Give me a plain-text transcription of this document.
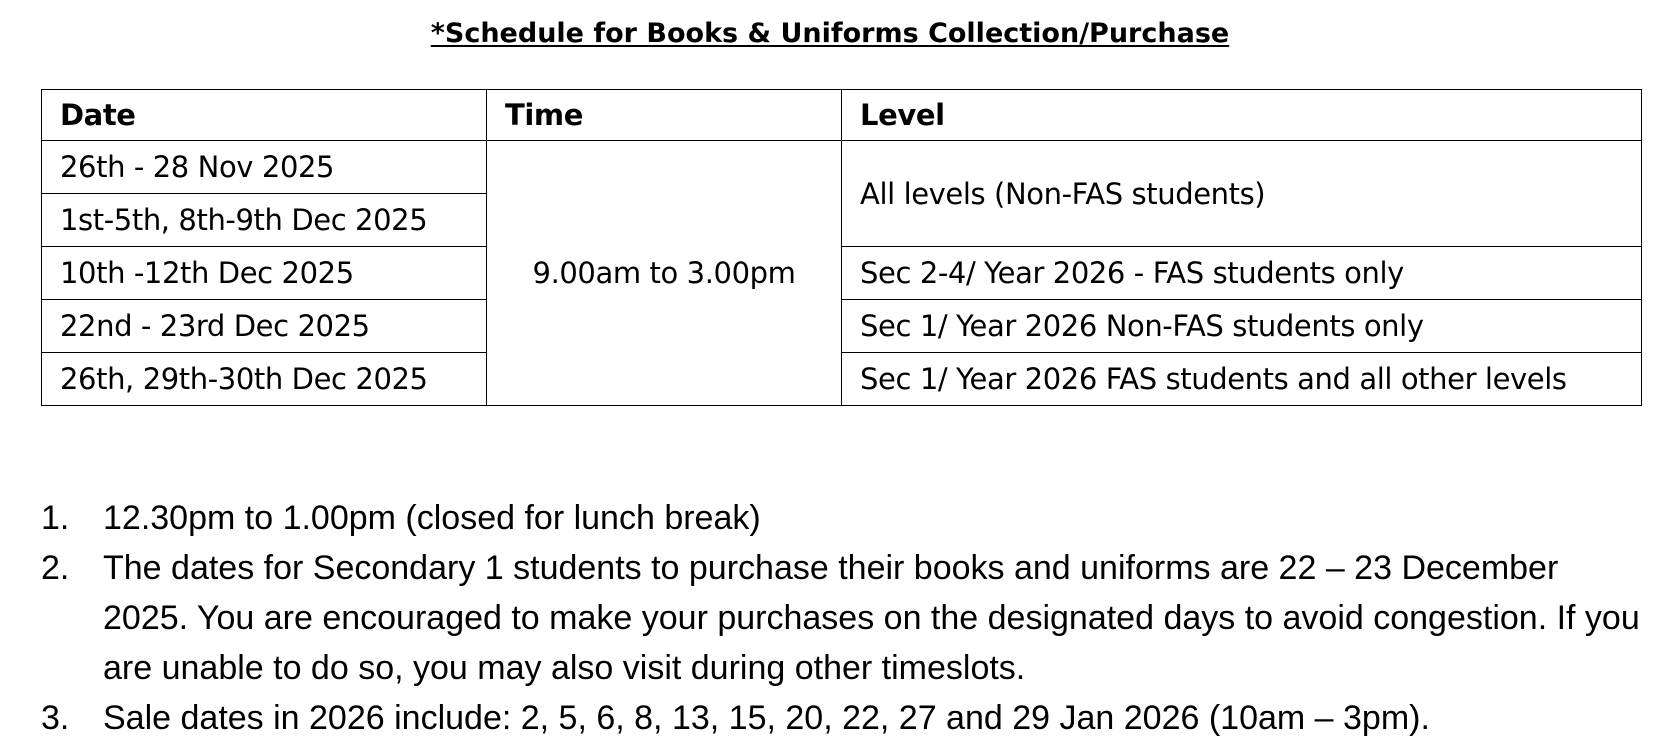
*Schedule for Books & Uniforms Collection/Purchase
Date	Time	Level
26th - 28 Nov 2025	9.00am to 3.00pm	All levels (Non-FAS students)
1st-5th, 8th-9th Dec 2025		
10th -12th Dec 2025		Sec 2-4/ Year 2026 - FAS students only
22nd - 23rd Dec 2025		Sec 1/ Year 2026 Non-FAS students only
26th, 29th-30th Dec 2025		Sec 1/ Year 2026 FAS students and all other levels
1. 12.30pm to 1.00pm (closed for lunch break)
2. The dates for Secondary 1 students to purchase their books and uniforms are 22 – 23 December 2025. You are encouraged to make your purchases on the designated days to avoid congestion. If you are unable to do so, you may also visit during other timeslots.
3. Sale dates in 2026 include: 2, 5, 6, 8, 13, 15, 20, 22, 27 and 29 Jan 2026 (10am – 3pm).
